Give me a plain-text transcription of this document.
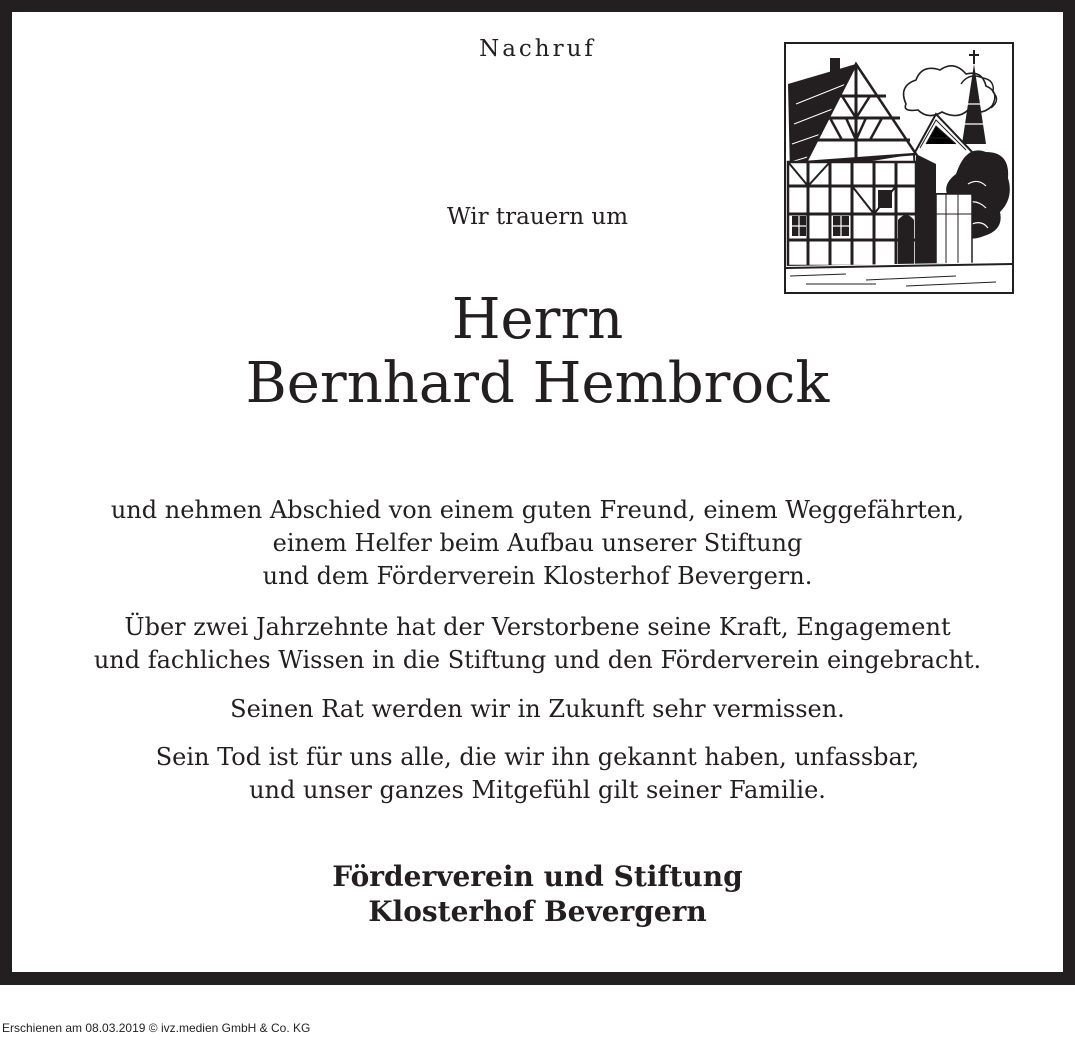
Nachruf
Wir trauern um
Herrn
Bernhard Hembrock
und nehmen Abschied von einem guten Freund, einem Weggefährten,
einem Helfer beim Aufbau unserer Stiftung
und dem Förderverein Klosterhof Bevergern.
Über zwei Jahrzehnte hat der Verstorbene seine Kraft, Engagement
und fachliches Wissen in die Stiftung und den Förderverein eingebracht.
Seinen Rat werden wir in Zukunft sehr vermissen.
Sein Tod ist für uns alle, die wir ihn gekannt haben, unfassbar,
und unser ganzes Mitgefühl gilt seiner Familie.
Förderverein und Stiftung
Klosterhof Bevergern
Erschienen am 08.03.2019 © ivz.medien GmbH & Co. KG
